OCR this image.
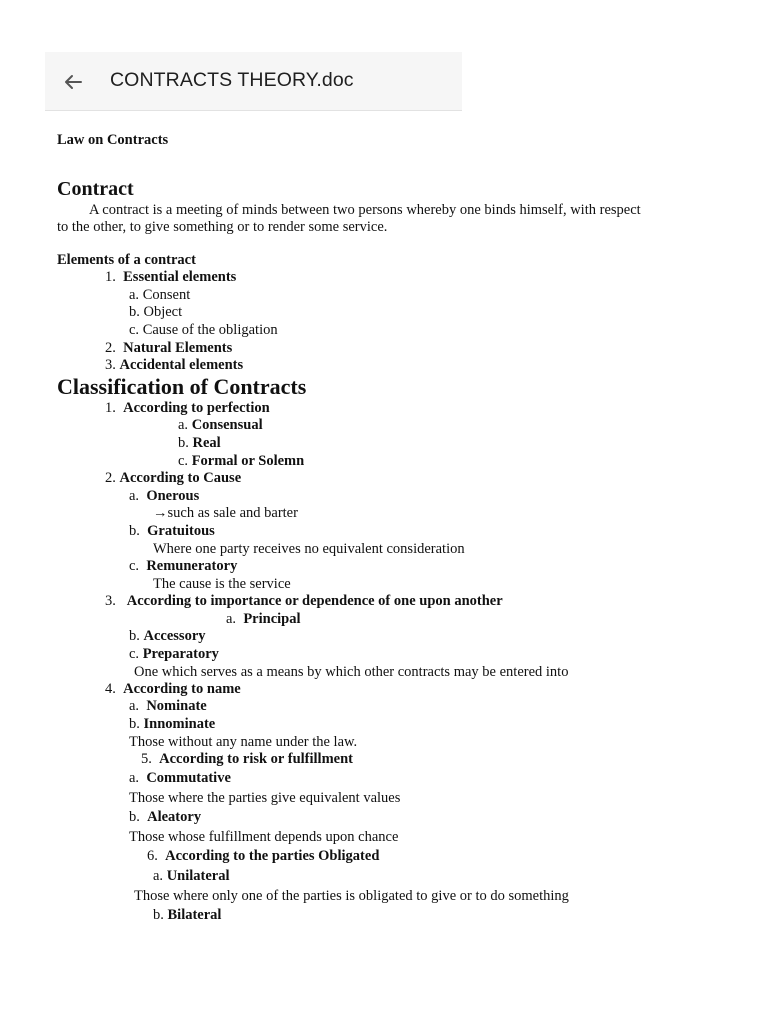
CONTRACTS THEORY.doc
Law on Contracts
Contract
A contract is a meeting of minds between two persons whereby one binds himself, with respect
to the other, to give something or to render some service.
Elements of a contract
1. Essential elements
a. Consent
b. Object
c. Cause of the obligation
2. Natural Elements
3. Accidental elements
Classification of Contracts
1. According to perfection
a. Consensual
b. Real
c. Formal or Solemn
2. According to Cause
a. Onerous
→such as sale and barter
b. Gratuitous
Where one party receives no equivalent consideration
c. Remuneratory
The cause is the service
3. According to importance or dependence of one upon another
a. Principal
b. Accessory
c. Preparatory
One which serves as a means by which other contracts may be entered into
4. According to name
a. Nominate
b. Innominate
Those without any name under the law.
5. According to risk or fulfillment
a. Commutative
Those where the parties give equivalent values
b. Aleatory
Those whose fulfillment depends upon chance
6. According to the parties Obligated
a. Unilateral
Those where only one of the parties is obligated to give or to do something
b. Bilateral
